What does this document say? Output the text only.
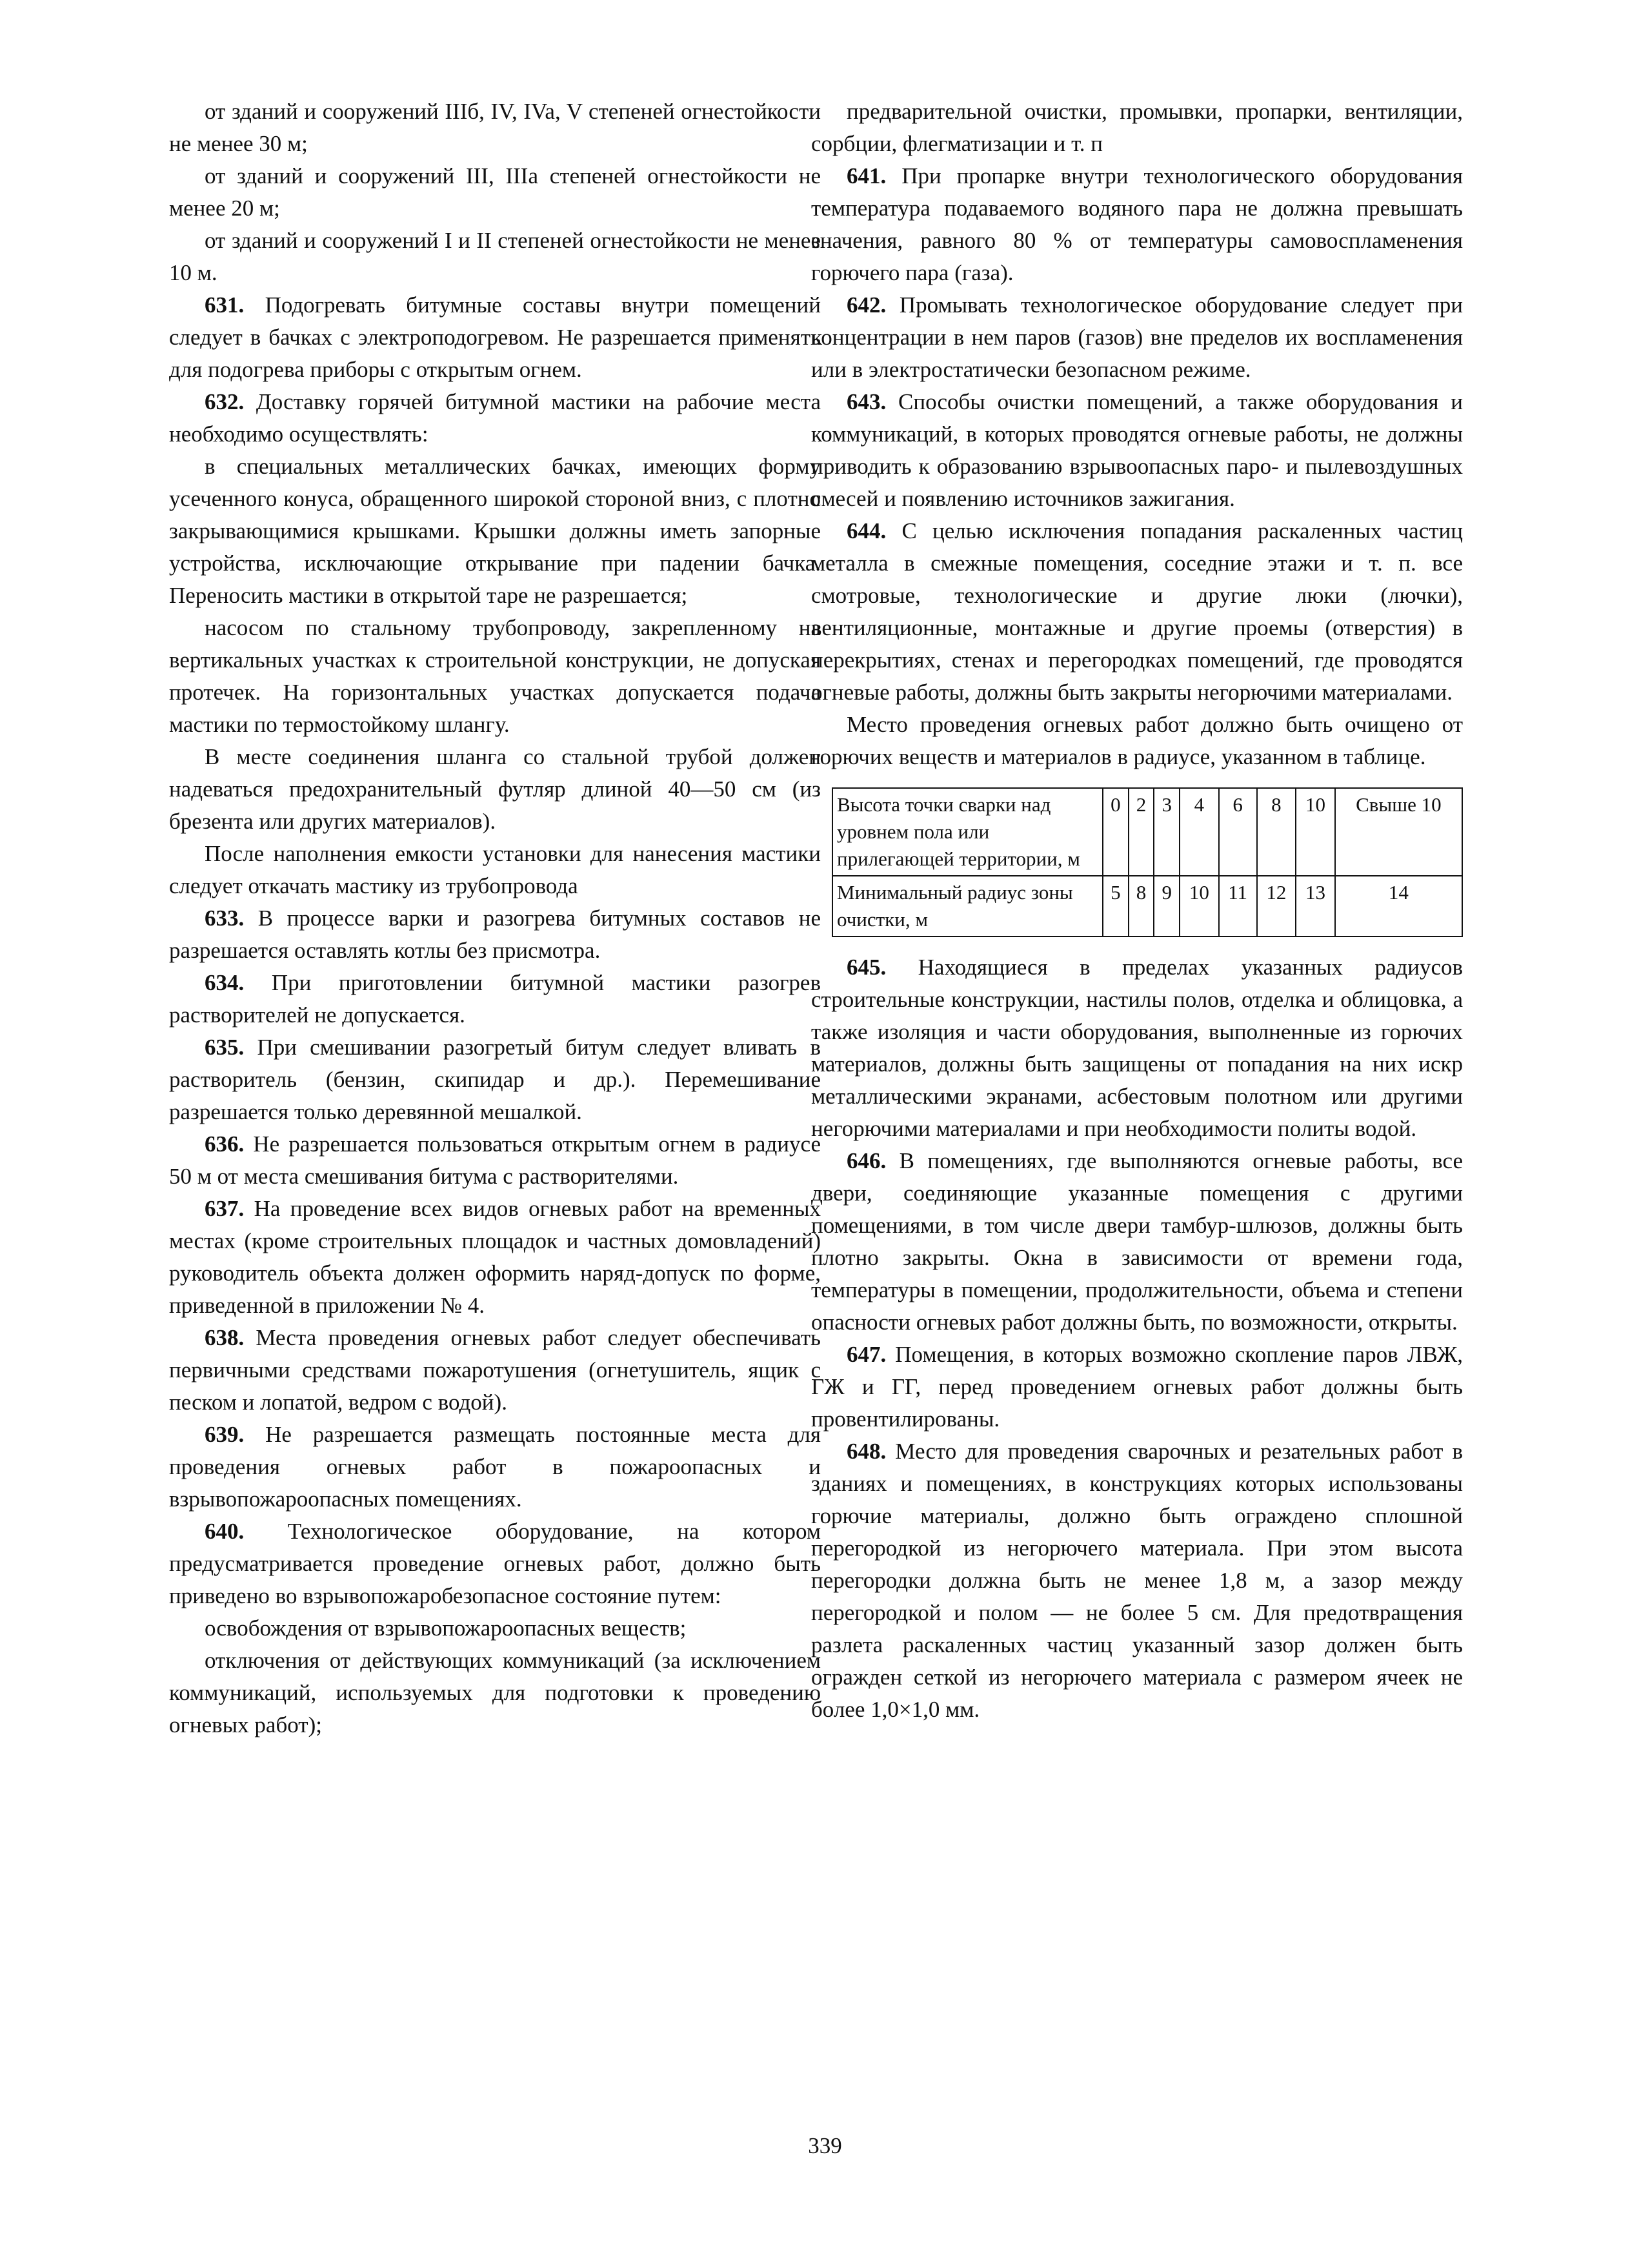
от зданий и сооружений IIIб, IV, IVa, V степеней огнестойкости не менее 30 м;

от зданий и сооружений III, IIIa степеней огнестойкости не менее 20 м;

от зданий и сооружений I и II степеней огнестойкости не менее 10 м.

631. Подогревать битумные составы внутри помещений следует в бачках с электроподогревом. Не разрешается применять для подогрева приборы с открытым огнем.

632. Доставку горячей битумной мастики на рабочие места необходимо осуществлять:

в специальных металлических бачках, имеющих форму усеченного конуса, обращенного широкой стороной вниз, с плотно закрывающимися крышками. Крышки должны иметь запорные устройства, исключающие открывание при падении бачка. Переносить мастики в открытой таре не разрешается;

насосом по стальному трубопроводу, закрепленному на вертикальных участках к строительной конструкции, не допуская протечек. На горизонтальных участках допускается подача мастики по термостойкому шлангу.

В месте соединения шланга со стальной трубой должен надеваться предохранительный футляр длиной 40—50 см (из брезента или других материалов).

После наполнения емкости установки для нанесения мастики следует откачать мастику из трубопровода

633. В процессе варки и разогрева битумных составов не разрешается оставлять котлы без присмотра.

634. При приготовлении битумной мастики разогрев растворителей не допускается.

635. При смешивании разогретый битум следует вливать в растворитель (бензин, скипидар и др.). Перемешивание разрешается только деревянной мешалкой.

636. Не разрешается пользоваться открытым огнем в радиусе 50 м от места смешивания битума с растворителями.

637. На проведение всех видов огневых работ на временных местах (кроме строительных площадок и частных домовладений) руководитель объекта должен оформить наряд-допуск по форме, приведенной в приложении № 4.

638. Места проведения огневых работ следует обеспечивать первичными средствами пожаротушения (огнетушитель, ящик с песком и лопатой, ведром с водой).

639. Не разрешается размещать постоянные места для проведения огневых работ в пожароопасных и взрывопожароопасных помещениях.

640. Технологическое оборудование, на котором предусматривается проведение огневых работ, должно быть приведено во взрывопожаробезопасное состояние путем:

освобождения от взрывопожароопасных веществ;

отключения от действующих коммуникаций (за исключением коммуникаций, используемых для подготовки к проведению огневых работ);

предварительной очистки, промывки, пропарки, вентиляции, сорбции, флегматизации и т. п

641. При пропарке внутри технологического оборудования температура подаваемого водяного пара не должна превышать значения, равного 80 % от температуры самовоспламенения горючего пара (газа).

642. Промывать технологическое оборудование следует при концентрации в нем паров (газов) вне пределов их воспламенения или в электростатически безопасном режиме.

643. Способы очистки помещений, а также оборудования и коммуникаций, в которых проводятся огневые работы, не должны приводить к образованию взрывоопасных паро- и пылевоздушных смесей и появлению источников зажигания.

644. С целью исключения попадания раскаленных частиц металла в смежные помещения, соседние этажи и т. п. все смотровые, технологические и другие люки (лючки), вентиляционные, монтажные и другие проемы (отверстия) в перекрытиях, стенах и перегородках помещений, где проводятся огневые работы, должны быть закрыты негорючими материалами.

Место проведения огневых работ должно быть очищено от горючих веществ и материалов в радиусе, указанном в таблице.

Высота точки сварки над уровнем пола или прилегающей территории, м	0	2	3	4	6	8	10	Свыше 10
Минимальный радиус зоны очистки, м	5	8	9	10	11	12	13	14

645. Находящиеся в пределах указанных радиусов строительные конструкции, настилы полов, отделка и облицовка, а также изоляция и части оборудования, выполненные из горючих материалов, должны быть защищены от попадания на них искр металлическими экранами, асбестовым полотном или другими негорючими материалами и при необходимости политы водой.

646. В помещениях, где выполняются огневые работы, все двери, соединяющие указанные помещения с другими помещениями, в том числе двери тамбур-шлюзов, должны быть плотно закрыты. Окна в зависимости от времени года, температуры в помещении, продолжительности, объема и степени опасности огневых работ должны быть, по возможности, открыты.

647. Помещения, в которых возможно скопление паров ЛВЖ, ГЖ и ГГ, перед проведением огневых работ должны быть провентилированы.

648. Место для проведения сварочных и резательных работ в зданиях и помещениях, в конструкциях которых использованы горючие материалы, должно быть ограждено сплошной перегородкой из негорючего материала. При этом высота перегородки должна быть не менее 1,8 м, а зазор между перегородкой и полом — не более 5 см. Для предотвращения разлета раскаленных частиц указанный зазор должен быть огражден сеткой из негорючего материала с размером ячеек не более 1,0×1,0 мм.

339
